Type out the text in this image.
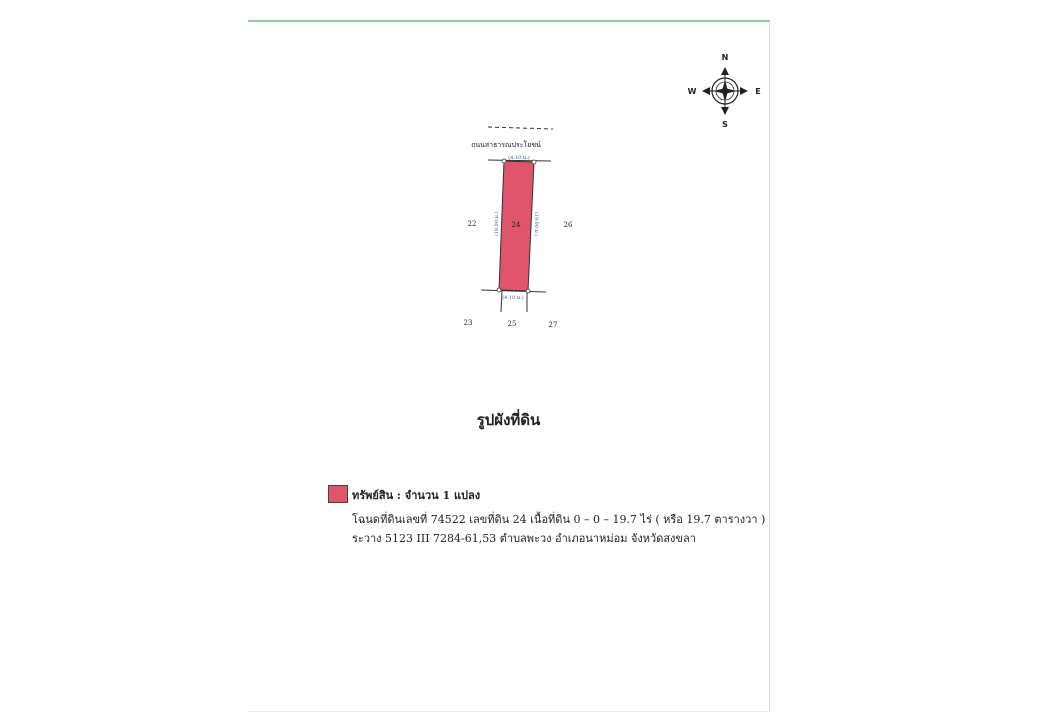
N
S
E
W
ถนนสาธารณประโยชน์
(4.10 ม.)
(4.10 ม.)
(19.00 ม.)	(19.00 ม.)
24
22	26
23	25	27
รูปผังที่ดิน
ทรัพย์สิน : จำนวน 1 แปลง
โฉนดที่ดินเลขที่ 74522 เลขที่ดิน 24 เนื้อที่ดิน 0 – 0 – 19.7 ไร่ ( หรือ 19.7 ตารางวา )
ระวาง 5123 III 7284-61,53 ตำบลพะวง อำเภอนาหม่อม จังหวัดสงขลา
